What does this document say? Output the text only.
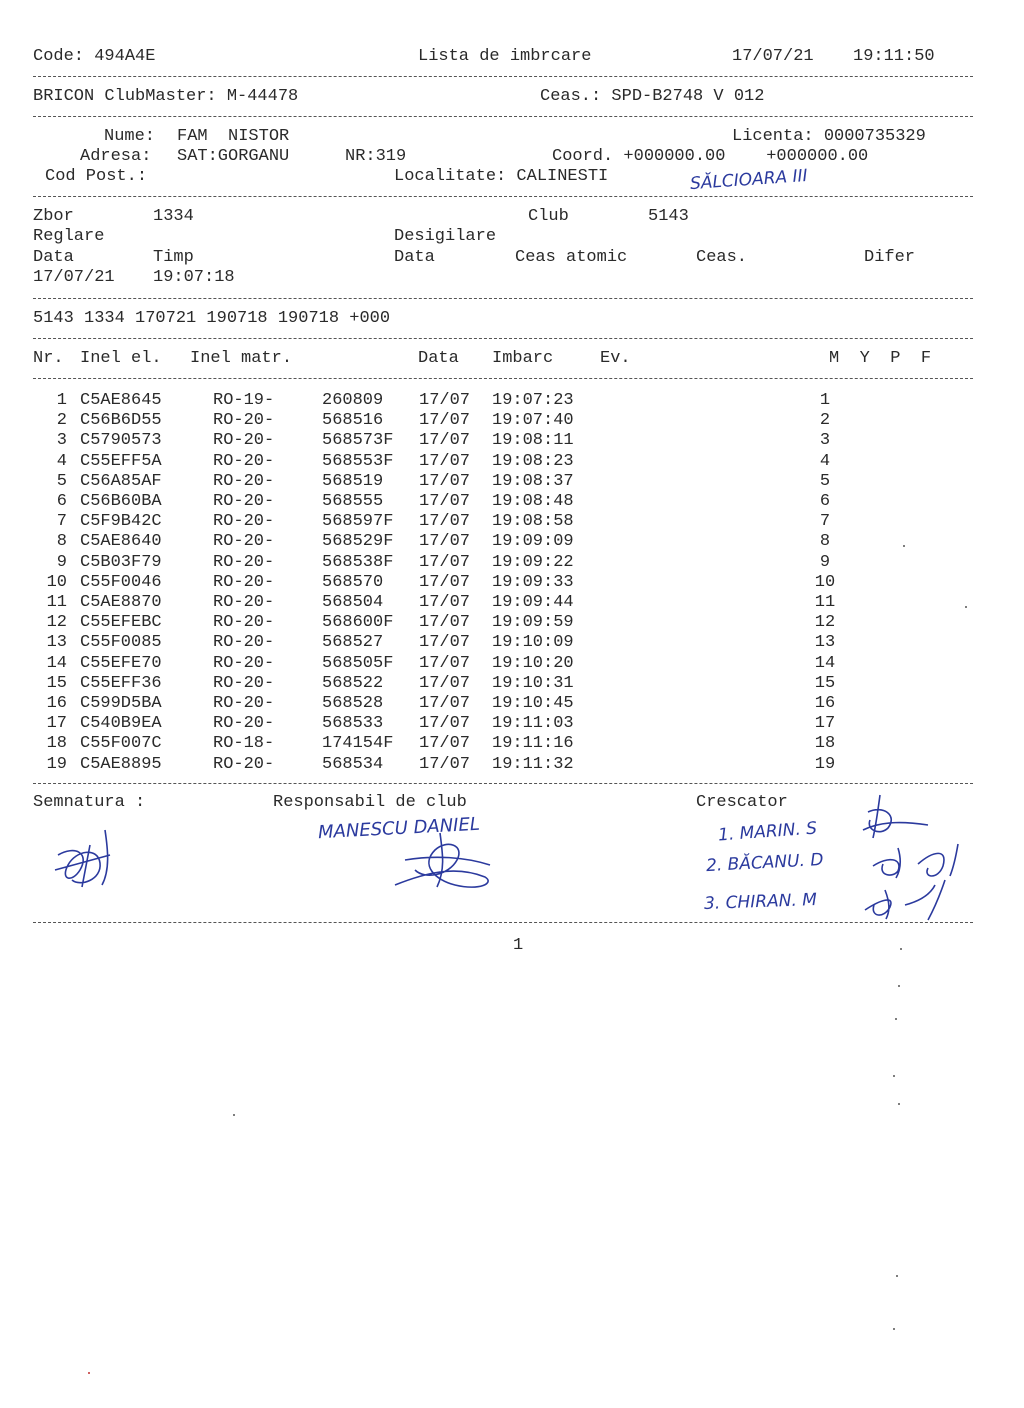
Code: 494A4E	Lista de imbrcare	17/07/21 19:11:50
BRICON ClubMaster: M-44478	Ceas.: SPD-B2748 V 012
Nume: FAM  NISTOR	Licenta: 0000735329
Adresa: SAT:GORGANU	NR:319	Coord. +000000.00    +000000.00
Cod Post.:	Localitate: CALINESTI	SĂLCIOARA III
Zbor	1334	Club	5143
Reglare	Desigilare
Data	Timp	Data	Ceas atomic	Ceas.	Difer
17/07/21 19:07:18
5143 1334 170721 190718 190718 +000
Nr. Inel el. Inel matr.	Data Imbarc	Ev.	M  Y  P  F
1 C5AE8645	RO-19-	260809 17/07 19:07:23	1
2 C56B6D55	RO-20-	568516 17/07 19:07:40	2
3 C5790573	RO-20-	568573F 17/07 19:08:11	3
4 C55EFF5A	RO-20-	568553F 17/07 19:08:23	4
5 C56A85AF	RO-20-	568519 17/07 19:08:37	5
6 C56B60BA	RO-20-	568555 17/07 19:08:48	6
7 C5F9B42C	RO-20-	568597F 17/07 19:08:58	7
8 C5AE8640	RO-20-	568529F 17/07 19:09:09	8
9 C5B03F79	RO-20-	568538F 17/07 19:09:22	9
10 C55F0046	RO-20-	568570 17/07 19:09:33	10
11 C5AE8870	RO-20-	568504 17/07 19:09:44	11
12 C55EFEBC	RO-20-	568600F 17/07 19:09:59	12
13 C55F0085	RO-20-	568527 17/07 19:10:09	13
14 C55EFE70	RO-20-	568505F 17/07 19:10:20	14
15 C55EFF36	RO-20-	568522 17/07 19:10:31	15
16 C599D5BA	RO-20-	568528 17/07 19:10:45	16
17 C540B9EA	RO-20-	568533 17/07 19:11:03	17
18 C55F007C	RO-18-	174154F 17/07 19:11:16	18
19 C5AE8895	RO-20-	568534 17/07 19:11:32	19
Semnatura :	Responsabil de club	Crescator
MANESCU DANIEL	1. MARIN. S
2. BĂCANU. D
3. CHIRAN. M
1
